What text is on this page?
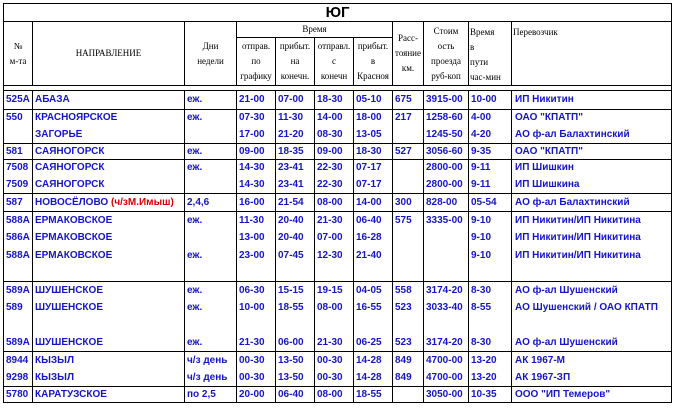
ЮГ										

№
м-та	НАПРАВЛЕНИЕ	Дни
недели	Время				Расс-
тояние
км.	Стоим
ость
проезда
руб-коп	Время
в
пути
час-мин	Перевозчик

			отправ.
по
графику	прибыт.
на
конечн.	отправл.
с
конечн	прибыт.
в
Красноя				

525А	АБАЗА	еж.	21-00	07-00	18-30	05-10	675	3915-00	10-00	ИП Никитин
550	КРАСНОЯРСКОЕ	еж.	07-30	11-30	14-00	18-00	217	1258-60	4-00	ОАО "КПАТП"
	ЗАГОРЬЕ		17-00	21-20	08-30	13-05		1245-50	4-20	АО ф-ал Балахтинский
581	САЯНОГОРСК	еж.	09-00	18-35	09-00	18-30	527	3056-60	9-35	ОАО "КПАТП"
7508	САЯНОГОРСК	еж.	14-30	23-41	22-30	07-17		2800-00	9-11	ИП Шишкин
7509	САЯНОГОРСК		14-30	23-41	22-30	07-17		2800-00	9-11	ИП Шишкина
587	НОВОСЁЛОВО (ч/зМ.Имыш)	2,4,6	16-00	21-54	08-00	14-00	300	828-00	05-54	АО ф-ал Балахтинский
588А	ЕРМАКОВСКОЕ	еж.	11-30	20-40	21-30	06-40	575	3335-00	9-10	ИП Никитин/ИП Никитина
586А	ЕРМАКОВСКОЕ		13-00	20-40	07-00	16-28			9-10	ИП Никитин/ИП Никитина
588А	ЕРМАКОВСКОЕ	еж.	23-00	07-45	12-30	21-40			9-10	ИП Никитин/ИП Никитина

589А	ШУШЕНСКОЕ	еж.	06-30	15-15	19-15	04-05	558	3174-20	8-30	АО ф-ал Шушенский
589	ШУШЕНСКОЕ	еж.	10-00	18-55	08-00	16-55	523	3033-40	8-55	АО Шушенский / ОАО КПАТП

589А	ШУШЕНСКОЕ	еж.	21-30	06-00	21-30	06-25	523	3174-20	8-30	АО ф-ал Шушенский
8944	КЫЗЫЛ	ч/з день	00-30	13-50	00-30	14-28	849	4700-00	13-20	АК 1967-М
9298	КЫЗЫЛ	ч/з день	00-30	13-50	00-30	14-28	849	4700-00	13-20	АК 1967-ЗП
5780	КАРАТУЗСКОЕ	по 2,5	20-00	06-40	08-00	18-55		3050-00	10-35	ООО "ИП Темеров"
